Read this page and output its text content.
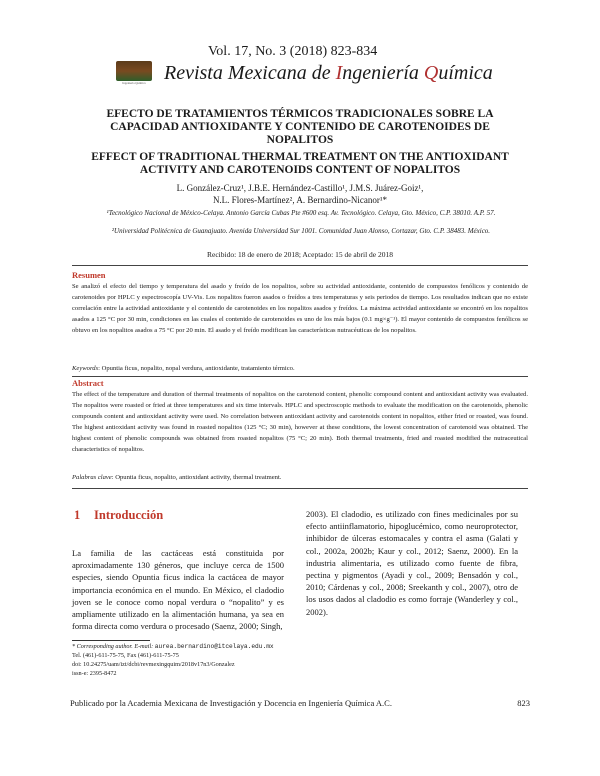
Ingeniería Química
Vol. 17, No. 3 (2018) 823-834
Revista Mexicana de Ingeniería Química
EFECTO DE TRATAMIENTOS TÉRMICOS TRADICIONALES SOBRE LA CAPACIDAD ANTIOXIDANTE Y CONTENIDO DE CAROTENOIDES DE NOPALITOS
EFFECT OF TRADITIONAL THERMAL TREATMENT ON THE ANTIOXIDANT ACTIVITY AND CAROTENOIDS CONTENT OF NOPALITOS
L. González-Cruz¹, J.B.E. Hernández-Castillo¹, J.M.S. Juárez-Goiz¹,
N.L. Flores-Martínez², A. Bernardino-Nicanor¹*
¹Tecnológico Nacional de México-Celaya. Antonio García Cubas Pte #600 esq. Av. Tecnológico. Celaya, Gto. México, C.P. 38010. A.P. 57.
²Universidad Politécnica de Guanajuato. Avenida Universidad Sur 1001. Comunidad Juan Alonso, Cortazar, Gto. C.P. 38483. México.
Recibido: 18 de enero de 2018; Aceptado: 15 de abril de 2018
Resumen
Se analizó el efecto del tiempo y temperatura del asado y freído de los nopalitos, sobre su actividad antioxidante, contenido de compuestos fenólicos y contenido de carotenoides por HPLC y espectroscopía UV-Vis. Los nopalitos fueron asados o freídos a tres temperaturas y seis periodos de tiempo. Los resultados indican que no existe correlación entre la actividad antioxidante y el contenido de carotenoides en los nopalitos asados y freídos. La máxima actividad antioxidante se encontró en los nopalitos asados a 125 °C por 30 min, condiciones en las cuales el contenido de carotenoides es uno de los más bajos (0.1 mg×g⁻¹). El mayor contenido de compuestos fenólicos se obtuvo en los nopalitos asados a 75 °C por 20 min. El asado y el freído modifican las características nutracéuticas de los nopalitos.
Keywords: Opuntia ficus, nopalito, nopal verdura, antioxidante, tratamiento térmico.
Abstract
The effect of the temperature and duration of thermal treatments of nopalitos on the carotenoid content, phenolic compound content and antioxidant activity was evaluated. The nopalitos were roasted or fried at three temperatures and six time intervals. HPLC and spectroscopic methods to evaluate the modification on the carotenoids, phenolic compounds content and antioxidant activity were used. No correlation between antioxidant activity and carotenoids content in nopalitos, either fried or roasted, was found. The highest antioxidant activity was found in roasted nopalitos (125 °C; 30 min), however at these conditions, the lowest concentration of carotenoid was obtained. The highest content of phenolic compounds was obtained from roasted nopalitos (75 °C; 20 min). Both thermal treatments, fried and roasted modified the nutraceutical characteristics of nopalitos.
Palabras clave: Opuntia ficus, nopalito, antioxidant activity, thermal treatment.
1 Introducción
La familia de las cactáceas está constituida por aproximadamente 130 géneros, que incluye cerca de 1500 especies, siendo Opuntia ficus indica la cactácea de mayor importancia económica en el mundo. En México, el cladodio joven se le conoce como nopal verdura o “nopalito” y es ampliamente utilizado en la alimentación humana, ya sea en forma directa como verdura o procesado (Saenz, 2000; Singh,
2003). El cladodio, es utilizado con fines medicinales por su efecto antiinflamatorio, hipoglucémico, como neuroprotector, inhibidor de úlceras estomacales y contra el asma (Galati y col., 2002a, 2002b; Kaur y col., 2012; Saenz, 2000). En la industria alimentaria, es utilizado como fuente de fibra, pectina y pigmentos (Ayadi y col., 2009; Bensadón y col., 2010; Cárdenas y col., 2008; Sreekanth y col., 2007), otro de los usos dados al cladodio es como forraje (Wanderley y col., 2002).
* Corresponding author. E-mail: aurea.bernardino@itcelaya.edu.mx
Tel. (461)-611-75-75, Fax (461)-611-75-75
doi: 10.24275/uam/izt/dcbi/revmexingquim/2018v17n3/Gonzalez
issn-e: 2395-8472
Publicado por la Academia Mexicana de Investigación y Docencia en Ingeniería Química A.C.	823
